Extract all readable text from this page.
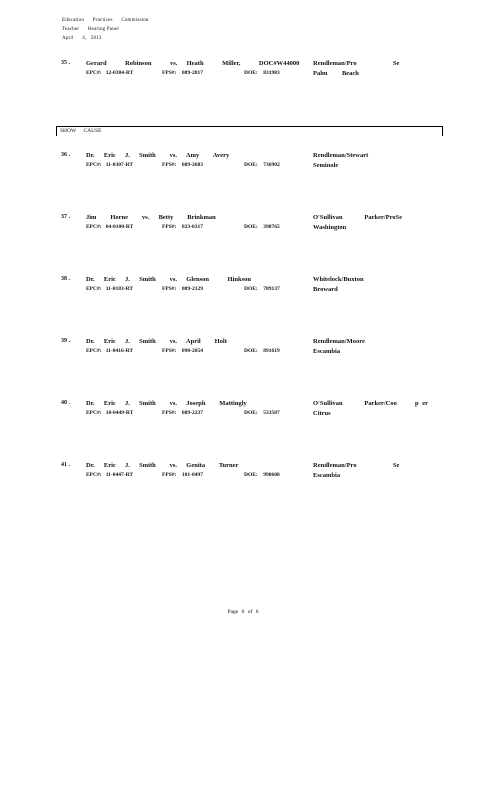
Education      Practices      Commission
Teacher      Hearing Panel
April      4,   2013
35 . Gerard    Robinson    vs.  Heath    Miller,    DOC#W44000
EPC#: 12-0384-RT	FPS#: 089-2817	DOE: 831983
Rendleman/Pro          Se
Palm    Beach
SHOW CAUSE
36 . Dr.  Eric  J.  Smith   vs.  Amy   Avery
EPC#: 11-0307-RT	FPS#: 089-2683	DOE: 736902
Rendleman/Stewart
Seminole
37 . Jim   Horne   vs.  Betty   Brinkman
EPC#: 04-0100-RT	FPS#: 023-0317	DOE: 398765
O'Sullivan      Parker/ProSe
Washington
38 . Dr.  Eric  J.  Smith   vs.  Glenson    Hinkson
EPC#: 11-0183-RT	FPS#: 089-2129	DOE: 789137
Whitelock/Buxton
Broward
39 . Dr.  Eric  J.  Smith   vs.  April   Holt
EPC#: 11-0416-RT	FPS#: 090-2054	DOE: 891619
Rendleman/Moore
Escambia
40 . Dr.  Eric  J.  Smith   vs.  Joseph   Mattingly
EPC#: 10-0449-RT	FPS#: 089-2237	DOE: 533587
O'Sullivan      Parker/Coo     p er
Citrus
41 . Dr.  Eric  J.  Smith   vs.  Genita   Turner
EPC#: 11-0447-RT	FPS#: 101-0497	DOE: 998608
Rendleman/Pro          Se
Escambia
Page 6 of 6
